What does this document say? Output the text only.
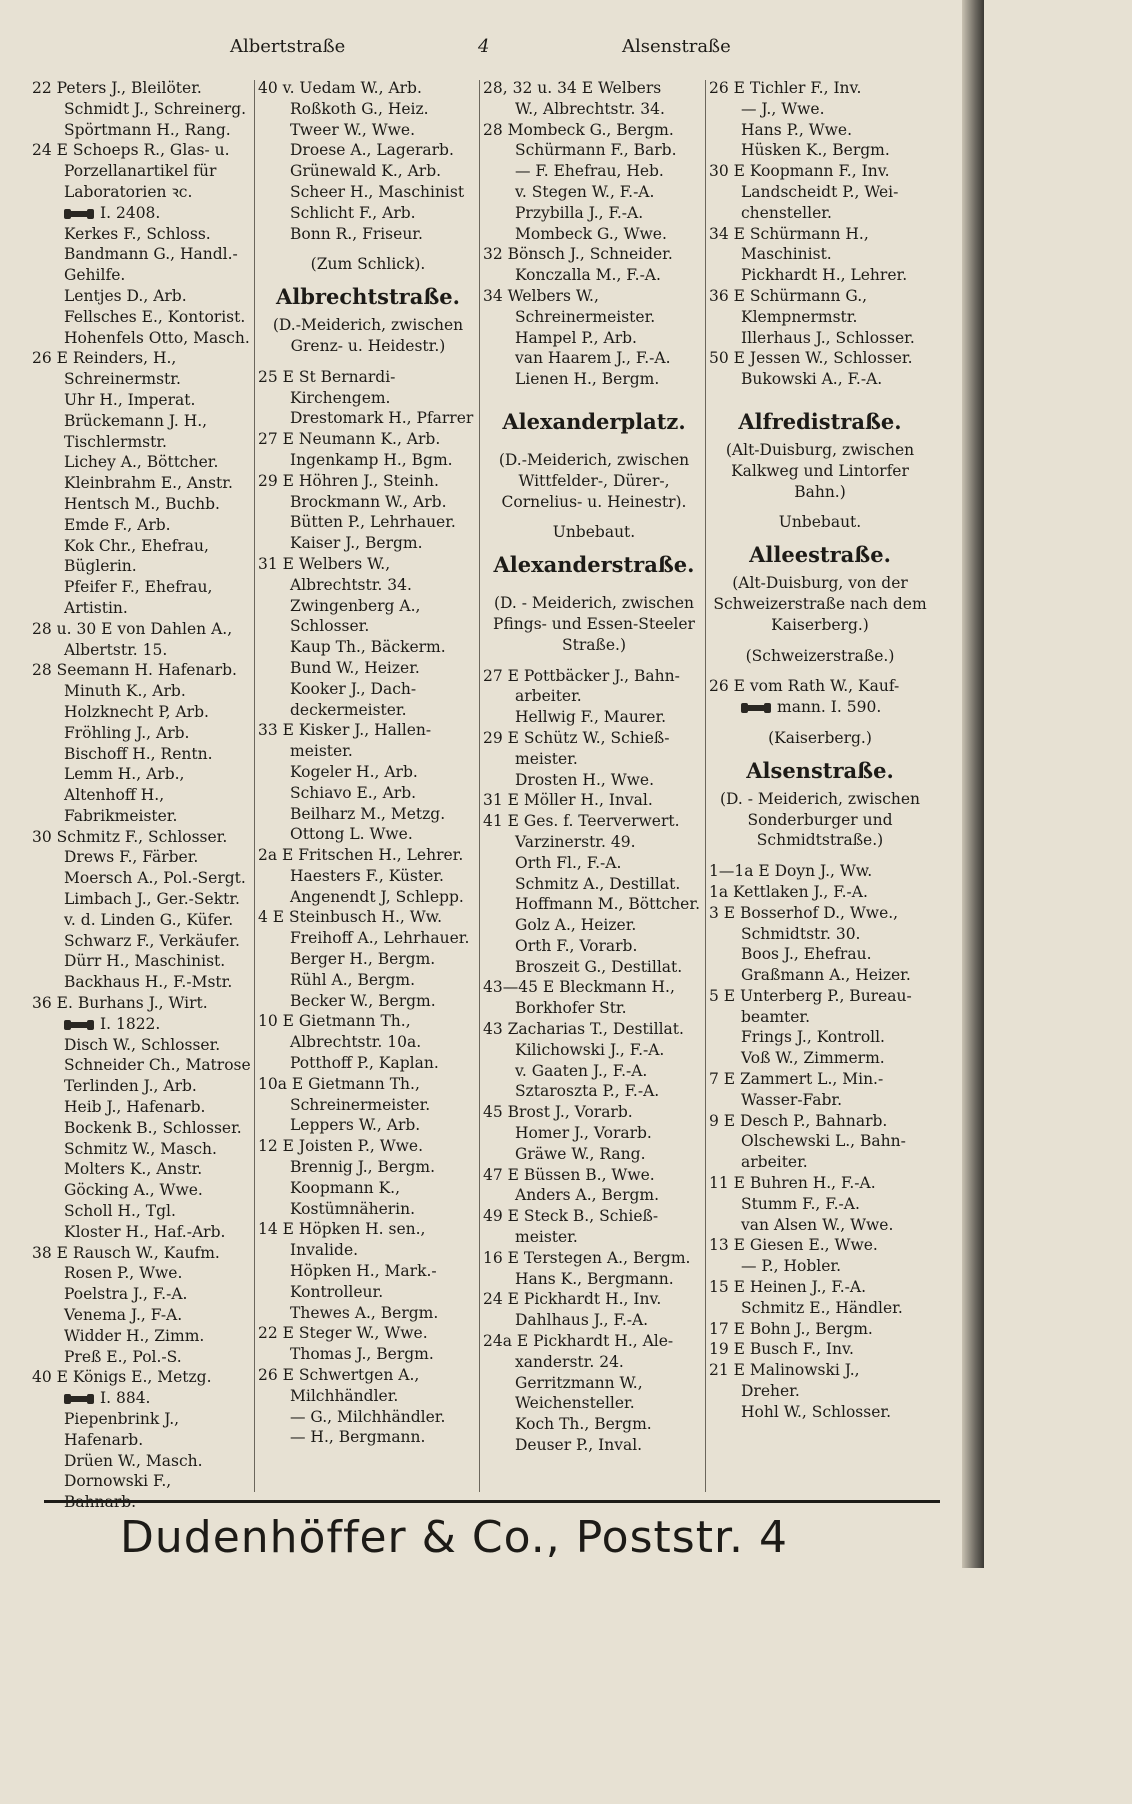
Albertstraße	4	Alsenstraße
22 Peters J., Bleilöter.
Schmidt J., Schreinerg.
Spörtmann H., Rang.
24 E Schoeps R., Glas- u.
Porzellanartikel für
Laboratorien ꝛc.
I. 2408.
Kerkes F., Schloss.
Bandmann G., Handl.-
Gehilfe.
Lentjes D., Arb.
Fellsches E., Kontorist.
Hohenfels Otto, Masch.
26 E Reinders, H.,
Schreinermstr.
Uhr H., Imperat.
Brückemann J. H.,
Tischlermstr.
Lichey A., Böttcher.
Kleinbrahm E., Anstr.
Hentsch M., Buchb.
Emde F., Arb.
Kok Chr., Ehefrau,
Büglerin.
Pfeifer F., Ehefrau,
Artistin.
28 u. 30 E von Dahlen A.,
Albertstr. 15.
28 Seemann H. Hafenarb.
Minuth K., Arb.
Holzknecht P, Arb.
Fröhling J., Arb.
Bischoff H., Rentn.
Lemm H., Arb.,
Altenhoff H.,
Fabrikmeister.
30 Schmitz F., Schlosser.
Drews F., Färber.
Moersch A., Pol.-Sergt.
Limbach J., Ger.-Sektr.
v. d. Linden G., Küfer.
Schwarz F., Verkäufer.
Dürr H., Maschinist.
Backhaus H., F.-Mstr.
36 E. Burhans J., Wirt.
I. 1822.
Disch W., Schlosser.
Schneider Ch., Matrose
Terlinden J., Arb.
Heib J., Hafenarb.
Bockenk B., Schlosser.
Schmitz W., Masch.
Molters K., Anstr.
Göcking A., Wwe.
Scholl H., Tgl.
Kloster H., Haf.-Arb.
38 E Rausch W., Kaufm.
Rosen P., Wwe.
Poelstra J., F.-A.
Venema J., F-A.
Widder H., Zimm.
Preß E., Pol.-S.
40 E Königs E., Metzg.
I. 884.
Piepenbrink J.,
Hafenarb.
Drüen W., Masch.
Dornowski F.,
40 v. Uedam W., Arb.
Roßkoth G., Heiz.
Tweer W., Wwe.
Droese A., Lagerarb.
Grünewald K., Arb.
Scheer H., Maschinist
Schlicht F., Arb.
Bonn R., Friseur.
(Zum Schlick).
Albrechtstraße.
(D.-Meiderich, zwischen
Grenz- u. Heidestr.)
25 E St Bernardi-
Kirchengem.
Drestomark H., Pfarrer
27 E Neumann K., Arb.
Ingenkamp H., Bgm.
29 E Höhren J., Steinh.
Brockmann W., Arb.
Bütten P., Lehrhauer.
Kaiser J., Bergm.
31 E Welbers W.,
Albrechtstr. 34.
Zwingenberg A.,
Schlosser.
Kaup Th., Bäckerm.
Bund W., Heizer.
Kooker J., Dach-
deckermeister.
33 E Kisker J., Hallen-
meister.
Kogeler H., Arb.
Schiavo E., Arb.
Beilharz M., Metzg.
Ottong L. Wwe.
2a E Fritschen H., Lehrer.
Haesters F., Küster.
Angenendt J, Schlepp.
4 E Steinbusch H., Ww.
Freihoff A., Lehrhauer.
Berger H., Bergm.
Rühl A., Bergm.
Becker W., Bergm.
10 E Gietmann Th.,
Albrechtstr. 10a.
Potthoff P., Kaplan.
10a E Gietmann Th.,
Schreinermeister.
Leppers W., Arb.
12 E Joisten P., Wwe.
Brennig J., Bergm.
Koopmann K.,
Kostümnäherin.
14 E Höpken H. sen.,
Invalide.
Höpken H., Mark.-
Kontrolleur.
Thewes A., Bergm.
22 E Steger W., Wwe.
Thomas J., Bergm.
26 E Schwertgen A.,
Milchhändler.
— G., Milchhändler.
— H., Bergmann.
28, 32 u. 34 E Welbers
W., Albrechtstr. 34.
28 Mombeck G., Bergm.
Schürmann F., Barb.
— F. Ehefrau, Heb.
v. Stegen W., F.-A.
Przybilla J., F.-A.
Mombeck G., Wwe.
32 Bönsch J., Schneider.
Konczalla M., F.-A.
34 Welbers W.,
Schreinermeister.
Hampel P., Arb.
van Haarem J., F.-A.
Lienen H., Bergm.
Alexanderplatz.
(D.-Meiderich, zwischen
Wittfelder-, Dürer-,
Cornelius- u. Heinestr).
Unbebaut.
Alexanderstraße.
(D. - Meiderich, zwischen
Pfings- und Essen-Steeler
Straße.)
27 E Pottbäcker J., Bahn-
arbeiter.
Hellwig F., Maurer.
29 E Schütz W., Schieß-
meister.
Drosten H., Wwe.
31 E Möller H., Inval.
41 E Ges. f. Teerverwert.
Varzinerstr. 49.
Orth Fl., F.-A.
Schmitz A., Destillat.
Hoffmann M., Böttcher.
Golz A., Heizer.
Orth F., Vorarb.
Broszeit G., Destillat.
43—45 E Bleckmann H.,
Borkhofer Str.
43 Zacharias T., Destillat.
Kilichowski J., F.-A.
v. Gaaten J., F.-A.
Sztaroszta P., F.-A.
45 Brost J., Vorarb.
Homer J., Vorarb.
Gräwe W., Rang.
47 E Büssen B., Wwe.
Anders A., Bergm.
49 E Steck B., Schieß-
meister.
16 E Terstegen A., Bergm.
Hans K., Bergmann.
24 E Pickhardt H., Inv.
Dahlhaus J., F.-A.
24a E Pickhardt H., Ale-
xanderstr. 24.
Gerritzmann W.,
Weichensteller.
Koch Th., Bergm.
Deuser P., Inval.
26 E Tichler F., Inv.
— J., Wwe.
Hans P., Wwe.
Hüsken K., Bergm.
30 E Koopmann F., Inv.
Landscheidt P., Wei-
chensteller.
34 E Schürmann H.,
Maschinist.
Pickhardt H., Lehrer.
36 E Schürmann G.,
Klempnermstr.
Illerhaus J., Schlosser.
50 E Jessen W., Schlosser.
Bukowski A., F.-A.
Alfredistraße.
(Alt-Duisburg, zwischen
Kalkweg und Lintorfer
Bahn.)
Unbebaut.
Alleestraße.
(Alt-Duisburg, von der
Schweizerstraße nach dem
Kaiserberg.)
(Schweizerstraße.)
26 E vom Rath W., Kauf-
mann. I. 590.
(Kaiserberg.)
Alsenstraße.
(D. - Meiderich, zwischen
Sonderburger und
Schmidtstraße.)
1—1a E Doyn J., Ww.
1a Kettlaken J., F.-A.
3 E Bosserhof D., Wwe.,
Schmidtstr. 30.
Boos J., Ehefrau.
Graßmann A., Heizer.
5 E Unterberg P., Bureau-
beamter.
Frings J., Kontroll.
Voß W., Zimmerm.
7 E Zammert L., Min.-
Wasser-Fabr.
9 E Desch P., Bahnarb.
Olschewski L., Bahn-
arbeiter.
11 E Buhren H., F.-A.
Stumm F., F.-A.
van Alsen W., Wwe.
13 E Giesen E., Wwe.
— P., Hobler.
15 E Heinen J., F.-A.
Schmitz E., Händler.
17 E Bohn J., Bergm.
19 E Busch F., Inv.
21 E Malinowski J.,
Dreher.
Hohl W., Schlosser.
Dudenhöffer & Co., Poststr. 4
